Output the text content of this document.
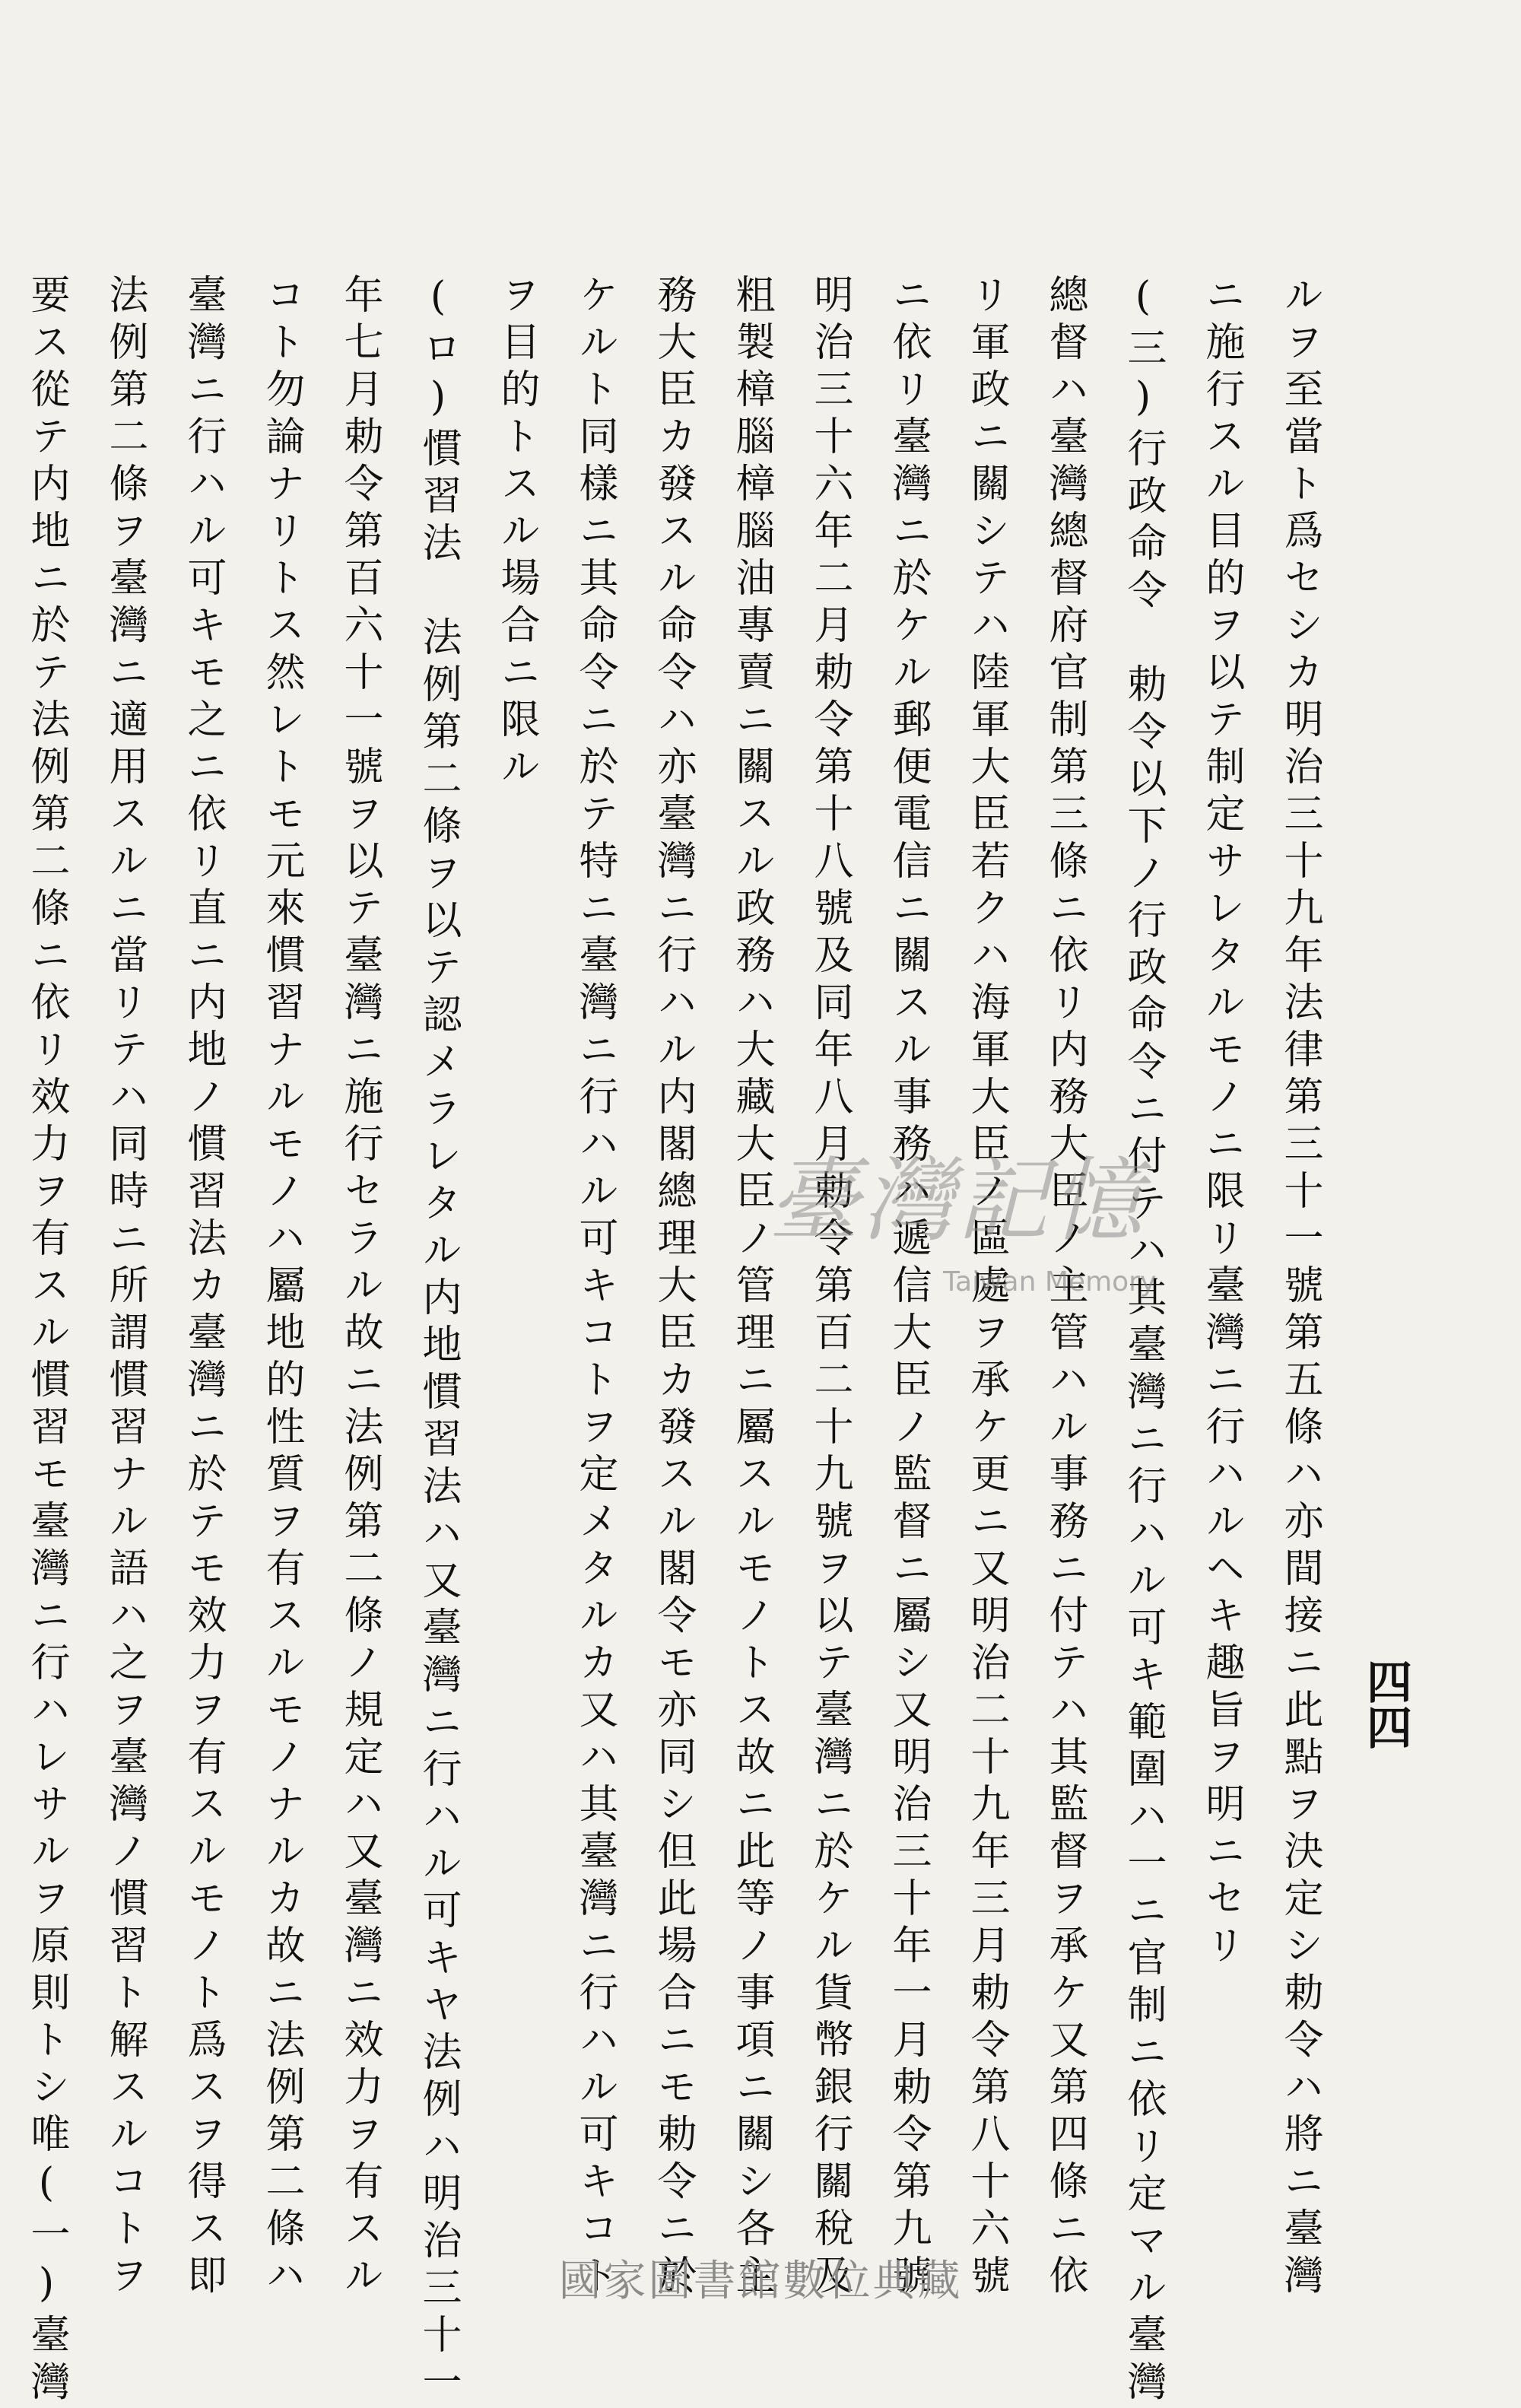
四四
ルヲ至當ト爲セシカ明治三十九年法律第三十一號第五條ハ亦間接ニ此點ヲ決定シ勅令ハ將ニ臺灣
ニ施行スル目的ヲ以テ制定サレタルモノニ限リ臺灣ニ行ハルヘキ趣旨ヲ明ニセリ
(三)行政命令　勅令以下ノ行政命令ニ付テハ其臺灣ニ行ハル可キ範圍ハ一ニ官制ニ依リ定マル臺灣
總督ハ臺灣總督府官制第三條ニ依リ内務大臣ノ主管ハル事務ニ付テハ其監督ヲ承ケ又第四條ニ依
リ軍政ニ關シテハ陸軍大臣若クハ海軍大臣ノ區處ヲ承ケ更ニ又明治二十九年三月勅令第八十六號
ニ依リ臺灣ニ於ケル郵便電信ニ關スル事務ハ遞信大臣ノ監督ニ屬シ又明治三十年一月勅令第九號
明治三十六年二月勅令第十八號及同年八月勅令第百二十九號ヲ以テ臺灣ニ於ケル貨幣銀行關稅及
粗製樟腦樟腦油專賣ニ關スル政務ハ大藏大臣ノ管理ニ屬スルモノトス故ニ此等ノ事項ニ關シ各主
務大臣カ發スル命令ハ亦臺灣ニ行ハル内閣總理大臣カ發スル閣令モ亦同シ但此場合ニモ勅令ニ於
ケルト同樣ニ其命令ニ於テ特ニ臺灣ニ行ハル可キコトヲ定メタルカ又ハ其臺灣ニ行ハル可キコト
ヲ目的トスル場合ニ限ル
(ロ)慣習法　法例第二條ヲ以テ認メラレタル内地慣習法ハ又臺灣ニ行ハル可キヤ法例ハ明治三十一
年七月勅令第百六十一號ヲ以テ臺灣ニ施行セラル故ニ法例第二條ノ規定ハ又臺灣ニ效力ヲ有スル
コト勿論ナリトス然レトモ元來慣習ナルモノハ屬地的性質ヲ有スルモノナルカ故ニ法例第二條ハ
臺灣ニ行ハル可キモ之ニ依リ直ニ内地ノ慣習法カ臺灣ニ於テモ效力ヲ有スルモノト爲スヲ得ス即
法例第二條ヲ臺灣ニ適用スルニ當リテハ同時ニ所謂慣習ナル語ハ之ヲ臺灣ノ慣習ト解スルコトヲ
要ス從テ内地ニ於テ法例第二條ニ依リ效力ヲ有スル慣習モ臺灣ニ行ハレサルヲ原則トシ唯(一)臺灣	臺灣記憶
Taiwan Memory
國家圖書館數位典藏
